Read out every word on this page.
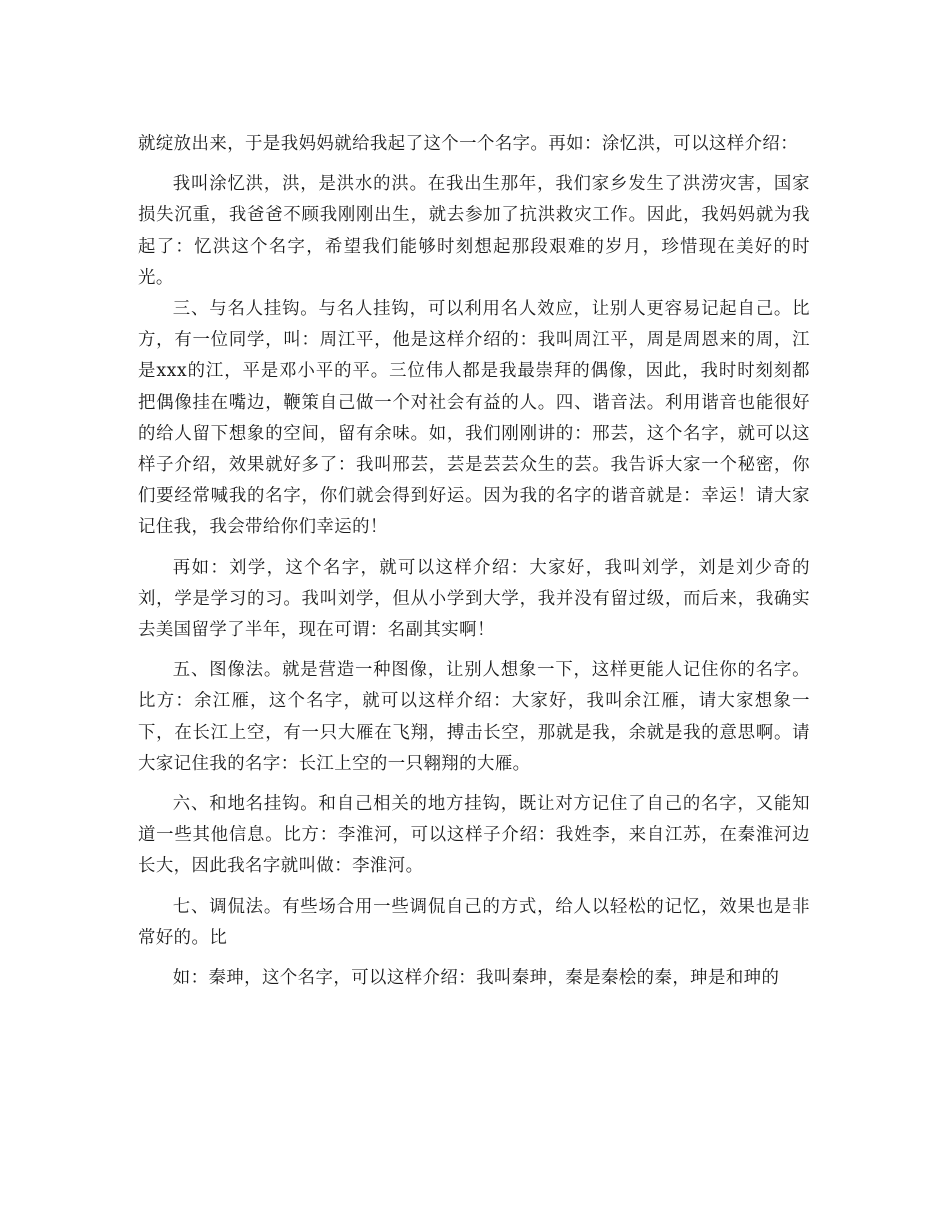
就绽放出来，于是我妈妈就给我起了这个一个名字。再如：涂忆洪，可以这样介绍：

我叫涂忆洪，洪，是洪水的洪。在我出生那年，我们家乡发生了洪涝灾害，国家损失沉重，我爸爸不顾我刚刚出生，就去参加了抗洪救灾工作。因此，我妈妈就为我起了：忆洪这个名字，希望我们能够时刻想起那段艰难的岁月，珍惜现在美好的时光。

三、与名人挂钩。与名人挂钩，可以利用名人效应，让别人更容易记起自己。比方，有一位同学，叫：周江平，他是这样介绍的：我叫周江平，周是周恩来的周，江是xxx的江，平是邓小平的平。三位伟人都是我最崇拜的偶像，因此，我时时刻刻都把偶像挂在嘴边，鞭策自己做一个对社会有益的人。四、谐音法。利用谐音也能很好的给人留下想象的空间，留有余味。如，我们刚刚讲的：邢芸，这个名字，就可以这样子介绍，效果就好多了：我叫邢芸，芸是芸芸众生的芸。我告诉大家一个秘密，你们要经常喊我的名字，你们就会得到好运。因为我的名字的谐音就是：幸运！请大家记住我，我会带给你们幸运的！

再如：刘学，这个名字，就可以这样介绍：大家好，我叫刘学，刘是刘少奇的刘，学是学习的习。我叫刘学，但从小学到大学，我并没有留过级，而后来，我确实去美国留学了半年，现在可谓：名副其实啊！

五、图像法。就是营造一种图像，让别人想象一下，这样更能人记住你的名字。比方：余江雁，这个名字，就可以这样介绍：大家好，我叫余江雁，请大家想象一下，在长江上空，有一只大雁在飞翔，搏击长空，那就是我，余就是我的意思啊。请大家记住我的名字：长江上空的一只翱翔的大雁。

六、和地名挂钩。和自己相关的地方挂钩，既让对方记住了自己的名字，又能知道一些其他信息。比方：李淮河，可以这样子介绍：我姓李，来自江苏，在秦淮河边长大，因此我名字就叫做：李淮河。

七、调侃法。有些场合用一些调侃自己的方式，给人以轻松的记忆，效果也是非常好的。比

如：秦珅，这个名字，可以这样介绍：我叫秦珅，秦是秦桧的秦，珅是和珅的
